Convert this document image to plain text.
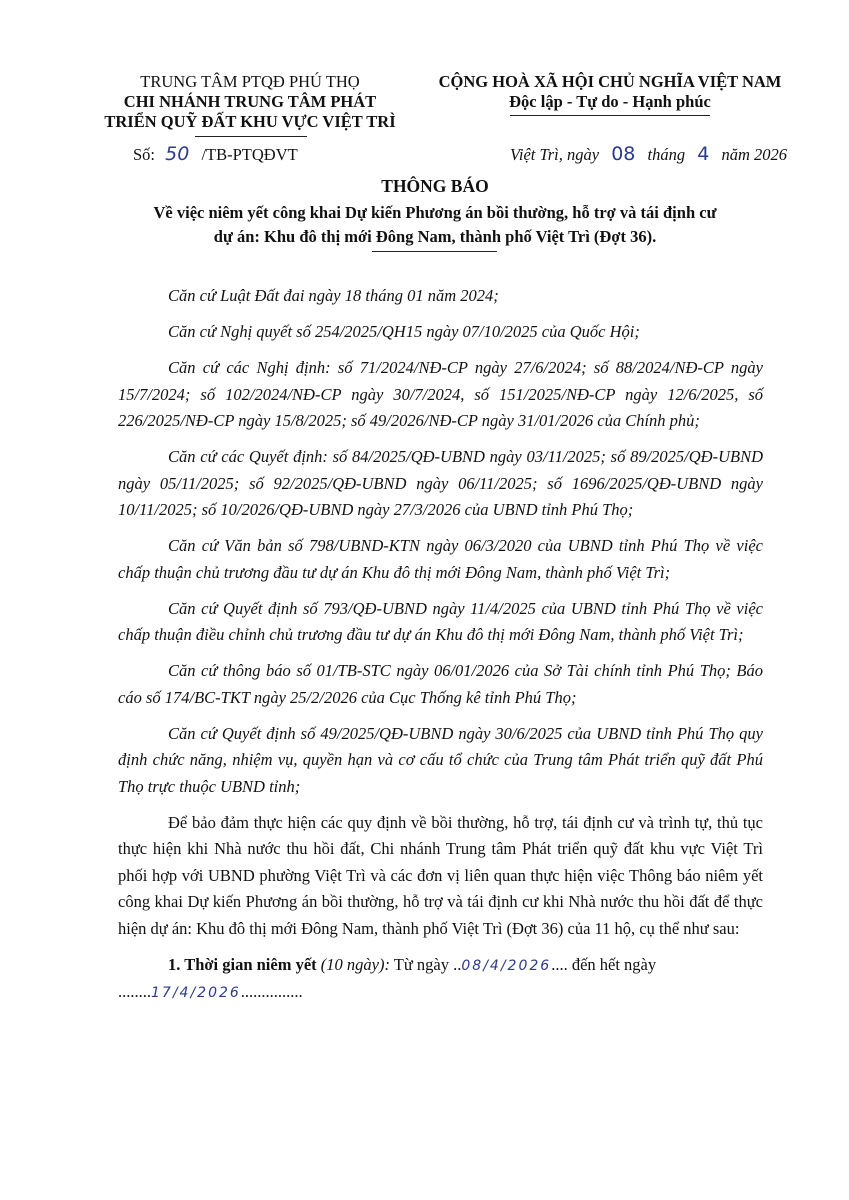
TRUNG TÂM PTQĐ PHÚ THỌ
CHI NHÁNH TRUNG TÂM PHÁT
TRIỂN QUỸ ĐẤT KHU VỰC VIỆT TRÌ
CỘNG HOÀ XÃ HỘI CHỦ NGHĨA VIỆT NAM
Độc lập - Tự do - Hạnh phúc
Số: 50 /TB-PTQĐVT	Việt Trì, ngày 08 tháng 4 năm 2026
THÔNG BÁO
Về việc niêm yết công khai Dự kiến Phương án bồi thường, hỗ trợ và tái định cư
dự án: Khu đô thị mới Đông Nam, thành phố Việt Trì (Đợt 36).

Căn cứ Luật Đất đai ngày 18 tháng 01 năm 2024;

Căn cứ Nghị quyết số 254/2025/QH15 ngày 07/10/2025 của Quốc Hội;

Căn cứ các Nghị định: số 71/2024/NĐ-CP ngày 27/6/2024; số 88/2024/NĐ-CP ngày 15/7/2024; số 102/2024/NĐ-CP ngày 30/7/2024, số 151/2025/NĐ-CP ngày 12/6/2025, số 226/2025/NĐ-CP ngày 15/8/2025; số 49/2026/NĐ-CP ngày 31/01/2026 của Chính phủ;

Căn cứ các Quyết định: số 84/2025/QĐ-UBND ngày 03/11/2025; số 89/2025/QĐ-UBND ngày 05/11/2025; số 92/2025/QĐ-UBND ngày 06/11/2025; số 1696/2025/QĐ-UBND ngày 10/11/2025; số 10/2026/QĐ-UBND ngày 27/3/2026 của UBND tỉnh Phú Thọ;

Căn cứ Văn bản số 798/UBND-KTN ngày 06/3/2020 của UBND tỉnh Phú Thọ về việc chấp thuận chủ trương đầu tư dự án Khu đô thị mới Đông Nam, thành phố Việt Trì;

Căn cứ Quyết định số 793/QĐ-UBND ngày 11/4/2025 của UBND tỉnh Phú Thọ về việc chấp thuận điều chỉnh chủ trương đầu tư dự án Khu đô thị mới Đông Nam, thành phố Việt Trì;

Căn cứ thông báo số 01/TB-STC ngày 06/01/2026 của Sở Tài chính tỉnh Phú Thọ; Báo cáo số 174/BC-TKT ngày 25/2/2026 của Cục Thống kê tỉnh Phú Thọ;

Căn cứ Quyết định số 49/2025/QĐ-UBND ngày 30/6/2025 của UBND tỉnh Phú Thọ quy định chức năng, nhiệm vụ, quyền hạn và cơ cấu tổ chức của Trung tâm Phát triển quỹ đất Phú Thọ trực thuộc UBND tỉnh;

Để bảo đảm thực hiện các quy định về bồi thường, hỗ trợ, tái định cư và trình tự, thủ tục thực hiện khi Nhà nước thu hồi đất, Chi nhánh Trung tâm Phát triển quỹ đất khu vực Việt Trì phối hợp với UBND phường Việt Trì và các đơn vị liên quan thực hiện việc Thông báo niêm yết công khai Dự kiến Phương án bồi thường, hỗ trợ và tái định cư khi Nhà nước thu hồi đất để thực hiện dự án: Khu đô thị mới Đông Nam, thành phố Việt Trì (Đợt 36) của 11 hộ, cụ thể như sau:

1. Thời gian niêm yết (10 ngày): Từ ngày ..08/4/2026.... đến hết ngày ........17/4/2026...............
